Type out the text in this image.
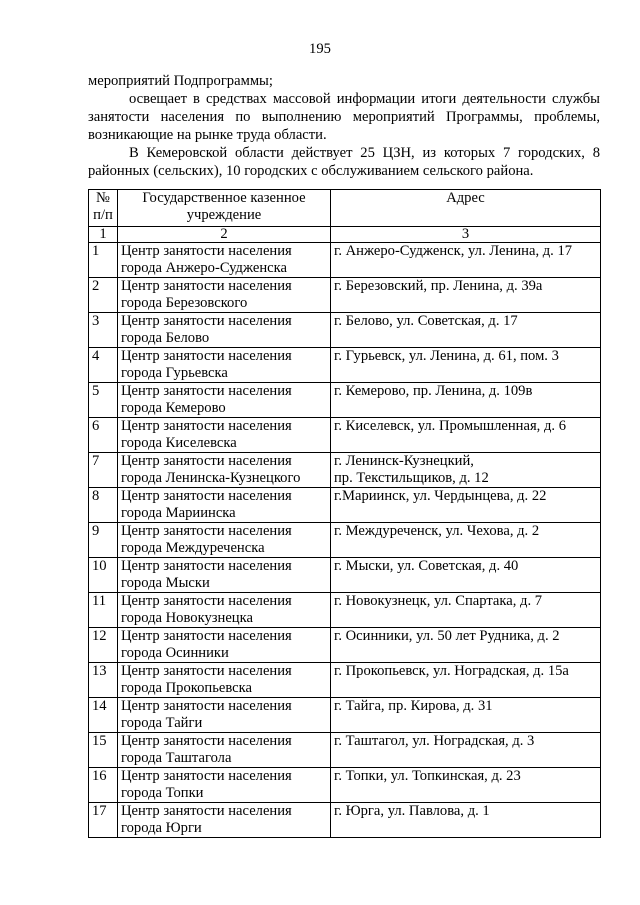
195

мероприятий Подпрограммы;

освещает в средствах массовой информации итоги деятельности службы занятости населения по выполнению мероприятий Программы, проблемы, возникающие на рынке труда области.

В Кемеровской области действует 25 ЦЗН, из которых 7 городских, 8 районных (сельских), 10 городских с обслуживанием сельского района.

№ п/п	Государственное казенное учреждение	Адрес
1	2	3
1	Центр занятости населения города Анжеро-Судженска	г. Анжеро-Судженск, ул. Ленина, д. 17
2	Центр занятости населения города Березовского	г. Березовский, пр. Ленина, д. 39а
3	Центр занятости населения города Белово	г. Белово, ул. Советская, д. 17
4	Центр занятости населения города Гурьевска	г. Гурьевск, ул. Ленина, д. 61, пом. 3
5	Центр занятости населения города Кемерово	г. Кемерово, пр. Ленина, д. 109в
6	Центр занятости населения города Киселевска	г. Киселевск, ул. Промышленная, д. 6
7	Центр занятости населения города Ленинска-Кузнецкого	г. Ленинск-Кузнецкий,
пр. Текстильщиков, д. 12

8	Центр занятости населения города Мариинска	г.Мариинск, ул. Чердынцева, д. 22
9	Центр занятости населения города Междуреченска	г. Междуреченск, ул. Чехова, д. 2
10	Центр занятости населения города Мыски	г. Мыски, ул. Советская, д. 40
11	Центр занятости населения города Новокузнецка	г. Новокузнецк, ул. Спартака, д. 7
12	Центр занятости населения города Осинники	г. Осинники, ул. 50 лет Рудника, д. 2
13	Центр занятости населения города Прокопьевска	г. Прокопьевск, ул. Ноградская, д. 15а
14	Центр занятости населения города Тайги	г. Тайга, пр. Кирова, д. 31
15	Центр занятости населения города Таштагола	г. Таштагол, ул. Ноградская, д. 3
16	Центр занятости населения города Топки	г. Топки, ул. Топкинская, д. 23
17	Центр занятости населения города Юрги	г. Юрга, ул. Павлова, д. 1
